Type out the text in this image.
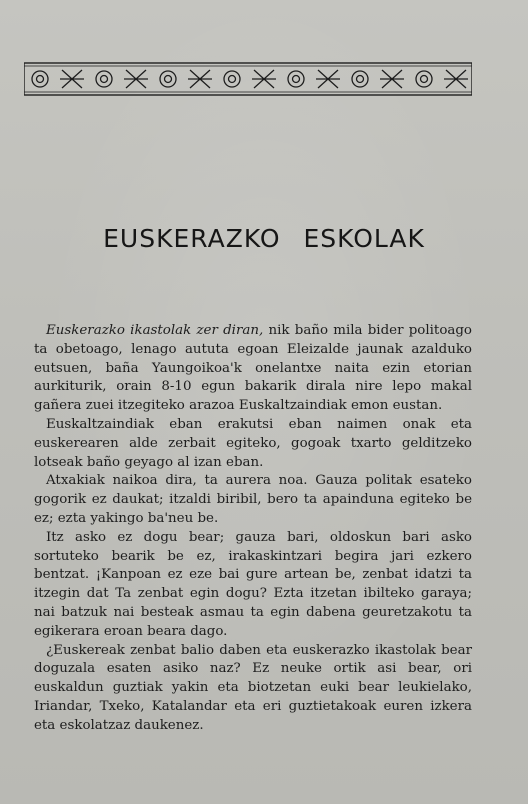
EUSKERAZKO ESKOLAK

Euskerazko ikastolak zer diran, nik baño mila bider politoago ta obetoago, lenago aututa egoan Eleizalde jaunak azalduko eutsuen, baña Yaungoikoa'k onelantxe naita ezin etorian aurkiturik, orain 8-10 egun bakarik dirala nire lepo makal gañera zuei itzegiteko arazoa Euskaltzaindiak emon eustan.

Euskaltzaindiak eban erakutsi eban naimen onak eta euskerearen alde zerbait egiteko, gogoak txarto gelditzeko lotseak baño geyago al izan eban.

Atxakiak naikoa dira, ta aurera noa. Gauza politak esateko gogorik ez daukat; itzaldi biribil, bero ta apainduna egiteko be ez; ezta yakingo ba'neu be.

Itz asko ez dogu bear; gauza bari, oldoskun bari asko sortuteko bearik be ez, irakaskintzari begira jari ezkero bentzat. ¡Kanpoan ez eze bai gure artean be, zenbat idatzi ta itzegin dat Ta zenbat egin dogu? Ezta itzetan ibilteko garaya; nai batzuk nai besteak asmau ta egin dabena geuretzakotu ta egikerara eroan beara dago.

¿Euskereak zenbat balio daben eta euskerazko ikastolak bear doguzala esaten asiko naz? Ez neuke ortik asi bear, ori euskaldun guztiak yakin eta biotzetan euki bear leukielako, Iriandar, Txeko, Katalandar eta eri guztietakoak euren izkera eta eskolatzaz daukenez.
